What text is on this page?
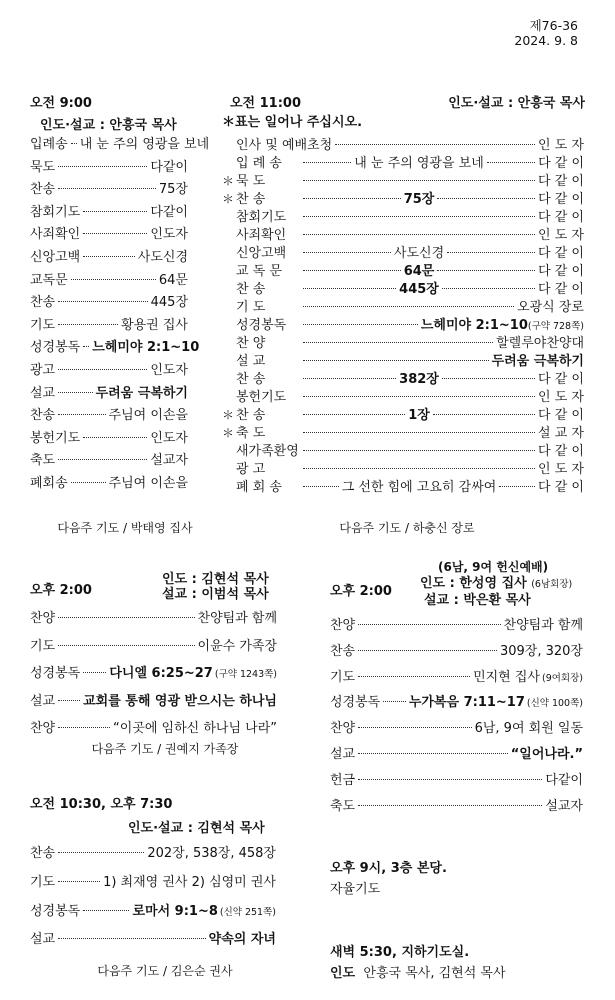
제76-36
2024. 9. 8
오전 9:00
인도·설교 : 안흥국 목사
입례송 내 눈 주의 영광을 보네
묵도	다같이
찬송	75장
참회기도	다같이
사죄확인	인도자
신앙고백	사도신경
교독문	64문
찬송	445장
기도	황용권 집사
성경봉독 느헤미야 2:1~10
광고	인도자
설교	두려움 극복하기
찬송	주님여 이손을
봉헌기도	인도자
축도	설교자
폐회송	주님여 이손을
다음주 기도 / 박태영 집사
오전 11:00	인도·설교 : 안흥국 목사
＊표는 일어나 주십시오.
인사 및 예배초청	인 도 자
입 례 송	내 눈 주의 영광을 보네	다 같 이
＊ 묵 도	다 같 이
＊ 찬 송	75장	다 같 이
참회기도	다 같 이
사죄확인	인 도 자
신앙고백	사도신경	다 같 이
교 독 문	64문	다 같 이
찬 송	445장	다 같 이
기 도	오광식 장로
성경봉독	느헤미야 2:1~10 (구약 728쪽)
찬 양	할렐루야찬양대
설 교	두려움 극복하기
찬 송	382장	다 같 이
봉헌기도	인 도 자
＊ 찬 송	1장	다 같 이
＊ 축 도	설 교 자
새가족환영	다 같 이
광 고	인 도 자
폐 회 송	그 선한 힘에 고요히 감싸여	다 같 이
다음주 기도 / 하충신 장로
오후 2:00
인도 : 김현석 목사
설교 : 이범석 목사
찬양	찬양팀과 함께
기도	이윤수 가족장
성경봉독 다니엘 6:25~27 (구약 1243쪽)
설교 교회를 통해 영광 받으시는 하나님
찬양	“이곳에 임하신 하나님 나라”
다음주 기도 / 권예지 가족장
(6남, 9여 헌신예배)
오후 2:00
인도 : 한성영 집사 (6남회장)
설교 : 박은환 목사
찬양	찬양팀과 함께
찬송	309장, 320장
기도	민지현 집사 (9여회장)
성경봉독 누가복음 7:11~17 (신약 100쪽)
찬양	6남, 9여 회원 일동
설교	“일어나라.”
헌금	다같이
축도	설교자
오전 10:30, 오후 7:30
인도·설교 : 김현석 목사
찬송	202장, 538장, 458장
기도	1) 최재영 권사 2) 심영미 권사
성경봉독	로마서 9:1~8 (신약 251쪽)
설교	약속의 자녀
다음주 기도 / 김은순 권사
오후 9시, 3층 본당.
자율기도
새벽 5:30, 지하기도실.
인도 안흥국 목사, 김현석 목사
